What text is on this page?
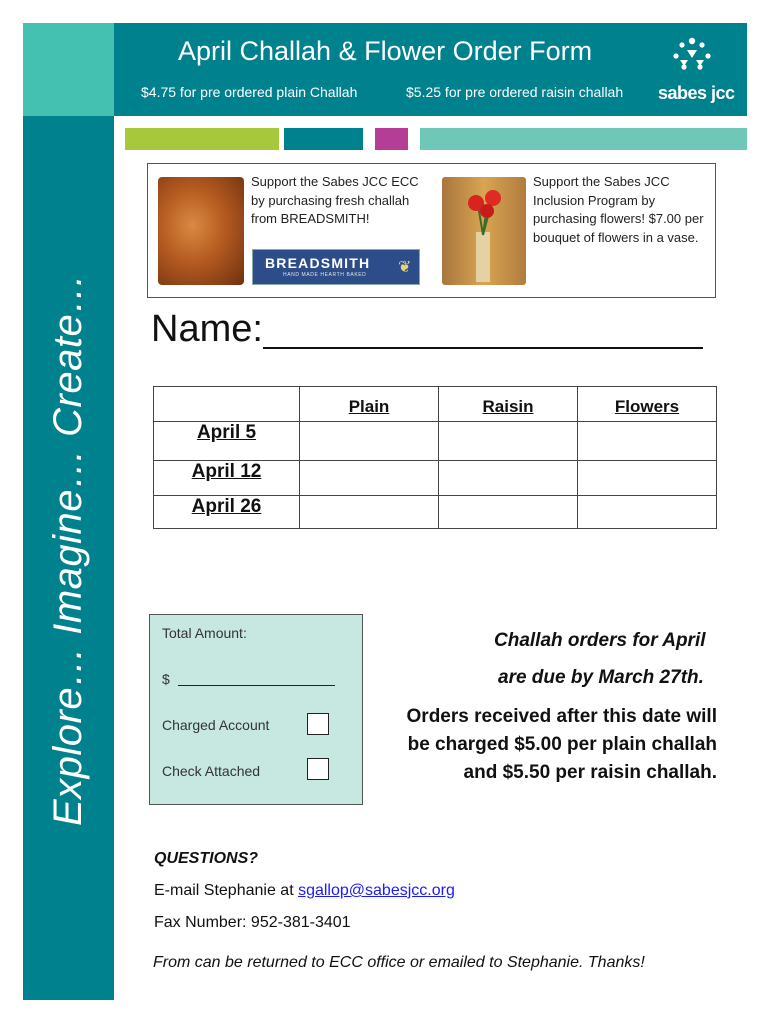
Explore… Imagine… Create…
April Challah & Flower Order Form
$4.75 for pre ordered plain Challah	$5.25 for pre ordered raisin challah sabes jcc
Support the Sabes JCC ECC by purchasing fresh challah from BREADSMITH!
BREADSMITH
HAND MADE HEARTH BAKED ❦
Support the Sabes JCC Inclusion Program by purchasing flowers! $7.00 per bouquet of flowers in a vase.
Name:
	Plain	Raisin	Flowers
April 5			
April 12			
April 26			
Total Amount:
$
Charged Account
Check Attached
Challah orders for April
are due by March 27th.
Orders received after this date will be charged $5.00 per plain challah and $5.50 per raisin challah.
QUESTIONS?
E-mail Stephanie at sgallop@sabesjcc.org
Fax Number: 952-381-3401
From can be returned to ECC office or emailed to Stephanie. Thanks!
